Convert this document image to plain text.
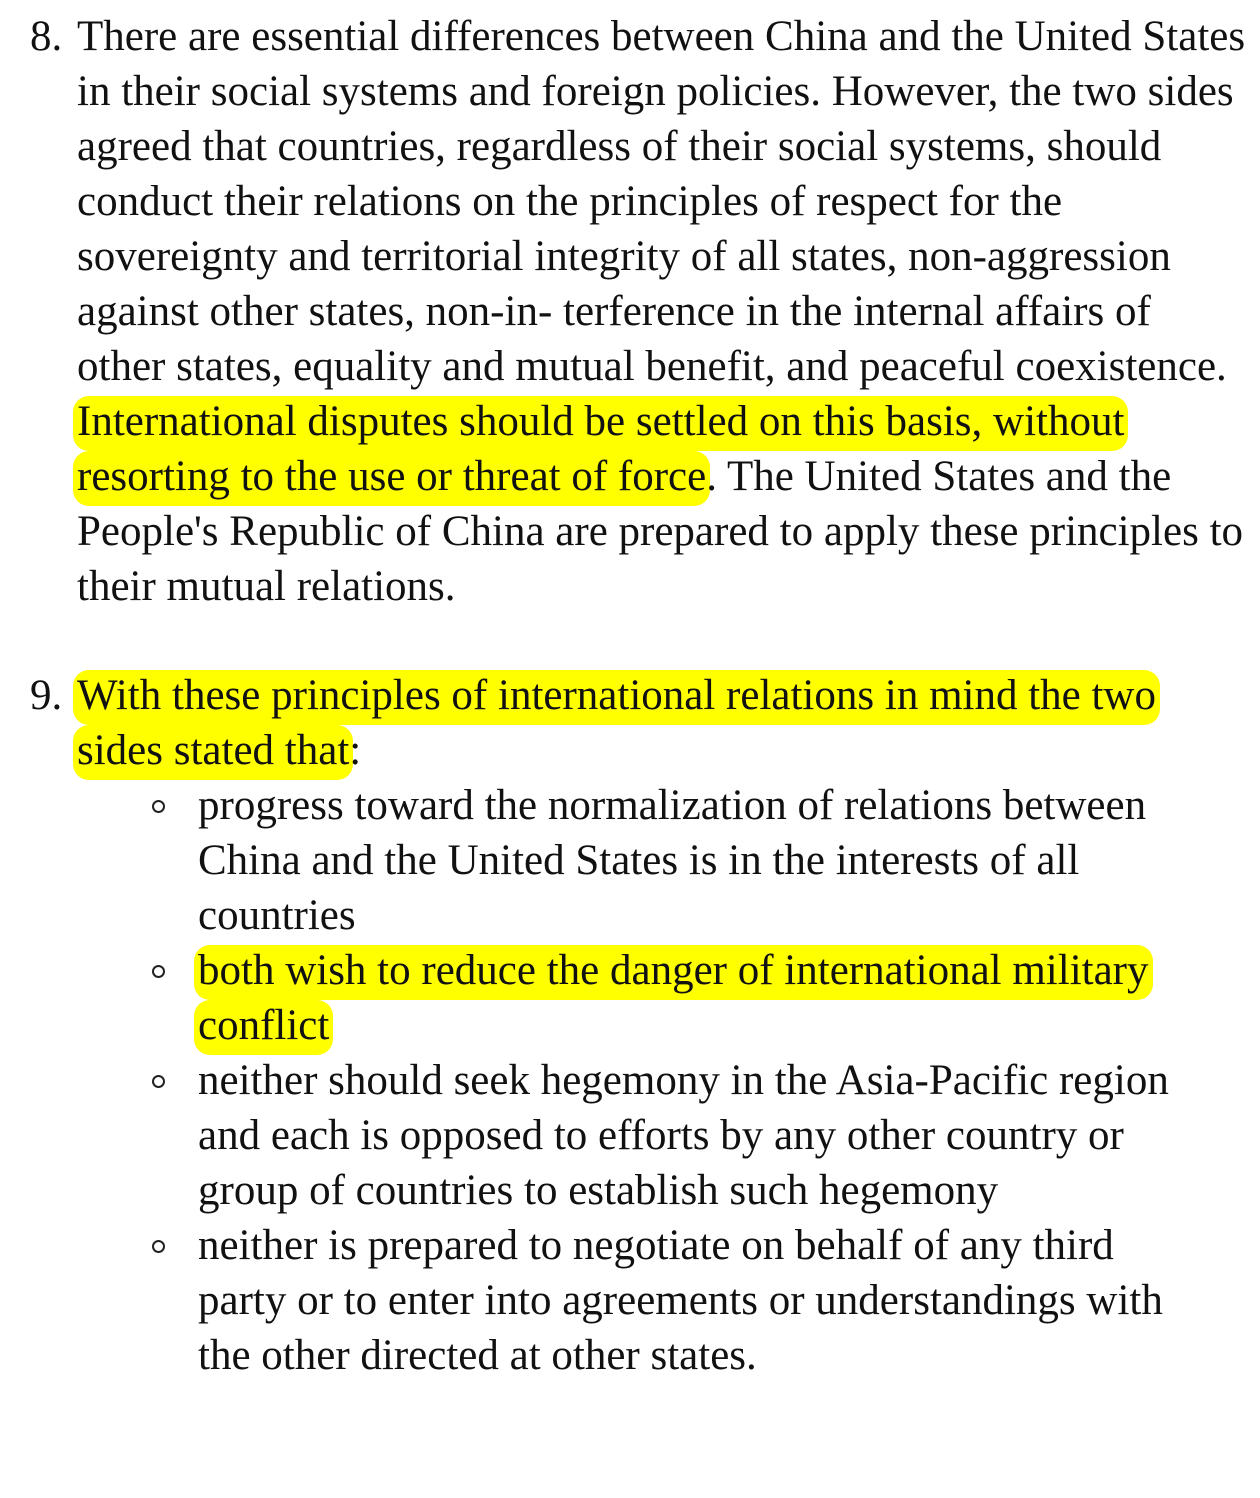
8. There are essential differences between China and the United States in their social systems and foreign policies. However, the two sides agreed that countries, regardless of their social systems, should conduct their relations on the principles of respect for the sovereignty and territorial integrity of all states, non-aggression against other states, non-in- terference in the internal affairs of other states, equality and mutual benefit, and peaceful coexistence. International disputes should be settled on this basis, without resorting to the use or threat of force. The United States and the People's Republic of China are prepared to apply these principles to their mutual relations.
9. With these principles of international relations in mind the two sides stated that:
progress toward the normalization of relations between China and the United States is in the interests of all countries
both wish to reduce the danger of international military conflict
neither should seek hegemony in the Asia-Pacific region and each is opposed to efforts by any other country or group of countries to establish such hegemony
neither is prepared to negotiate on behalf of any third party or to enter into agreements or understandings with the other directed at other states.
